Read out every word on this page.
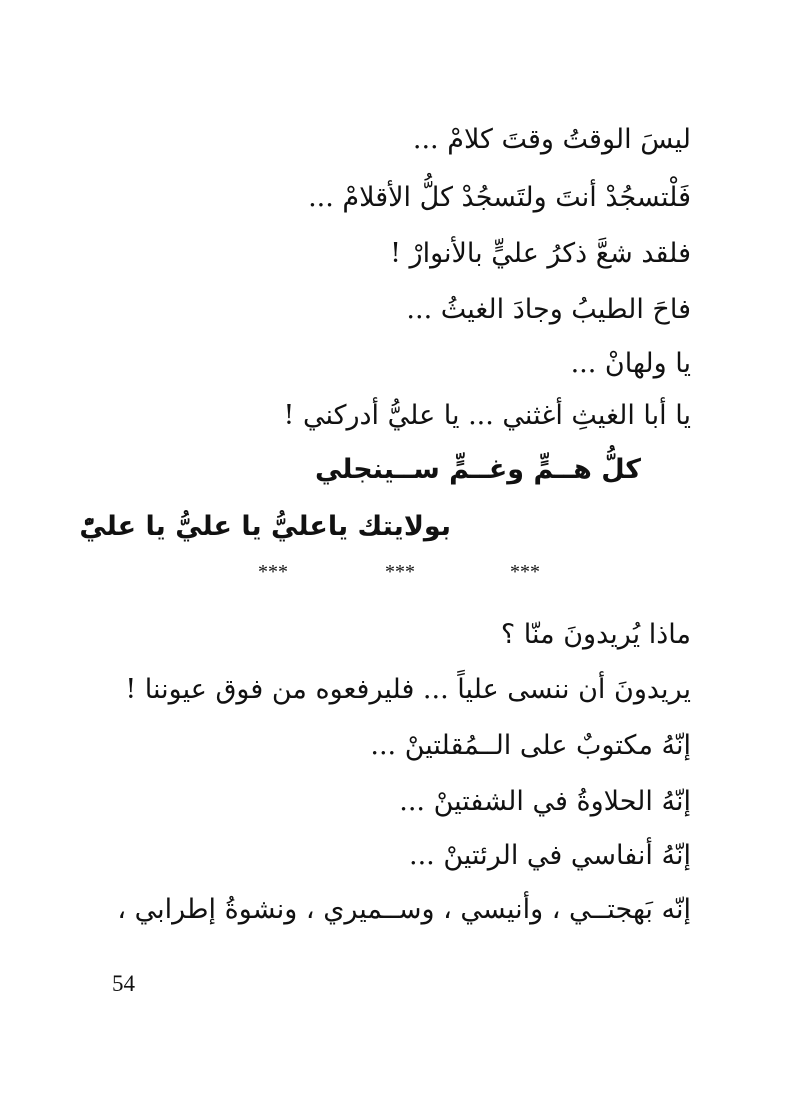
ليسَ الوقتُ وقتَ كلامْ ...
فَلْتسجُدْ أنتَ ولتَسجُدْ كلُّ الأقلامْ ...
فلقد شعَّ ذكرُ عليٍّ بالأنوارْ !
فاحَ الطيبُ وجادَ الغيثُ ...
يا ولهانْ ...
يا أبا الغيثِ أغثني ... يا عليُّ أدركني !
كلُّ هــمٍّ وغــمٍّ ســينجلي
بولايتك ياعليُّ يا عليُّ يا عليّْ
***	***	***
ماذا يُريدونَ منّا ؟
يريدونَ أن ننسى علياً ... فليرفعوه من فوق عيوننا !
إنّهُ مكتوبٌ على الــمُقلتينْ ...
إنّهُ الحلاوةُ في الشفتينْ ...
إنّهُ أنفاسي في الرئتينْ ...
إنّه بَهجتــي ، وأنيسي ، وســميري ، ونشوةُ إطرابي ،
54
